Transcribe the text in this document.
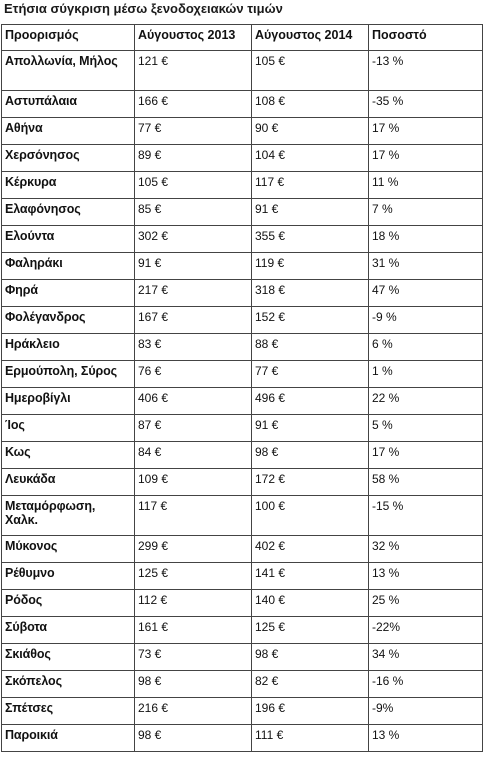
Ετήσια σύγκριση μέσω ξενοδοχειακών τιμών
Προορισμός	Αύγουστος 2013	Αύγουστος 2014	Ποσοστό
Απολλωνία, Μήλος	121 €	105 €	-13 %
Αστυπάλαια	166 €	108 €	-35 %
Αθήνα	77 €	90 €	17 %
Χερσόνησος	89 €	104 €	17 %
Κέρκυρα	105 €	117 €	11 %
Ελαφόνησος	85 €	91 €	7 %
Ελούντα	302 €	355 €	18 %
Φαληράκι	91 €	119 €	31 %
Φηρά	217 €	318 €	47 %
Φολέγανδρος	167 €	152 €	-9 %
Ηράκλειο	83 €	88 €	6 %
Ερμούπολη, Σύρος	76 €	77 €	1 %
Ημεροβίγλι	406 €	496 €	22 %
Ίος	87 €	91 €	5 %
Κως	84 €	98 €	17 %
Λευκάδα	109 €	172 €	58 %
Μεταμόρφωση, Χαλκ.	117 €	100 €	-15 %
Μύκονος	299 €	402 €	32 %
Ρέθυμνο	125 €	141 €	13 %
Ρόδος	112 €	140 €	25 %
Σύβοτα	161 €	125 €	-22%
Σκιάθος	73 €	98 €	34 %
Σκόπελος	98 €	82 €	-16 %
Σπέτσες	216 €	196 €	-9%
Παροικιά	98 €	111 €	13 %
